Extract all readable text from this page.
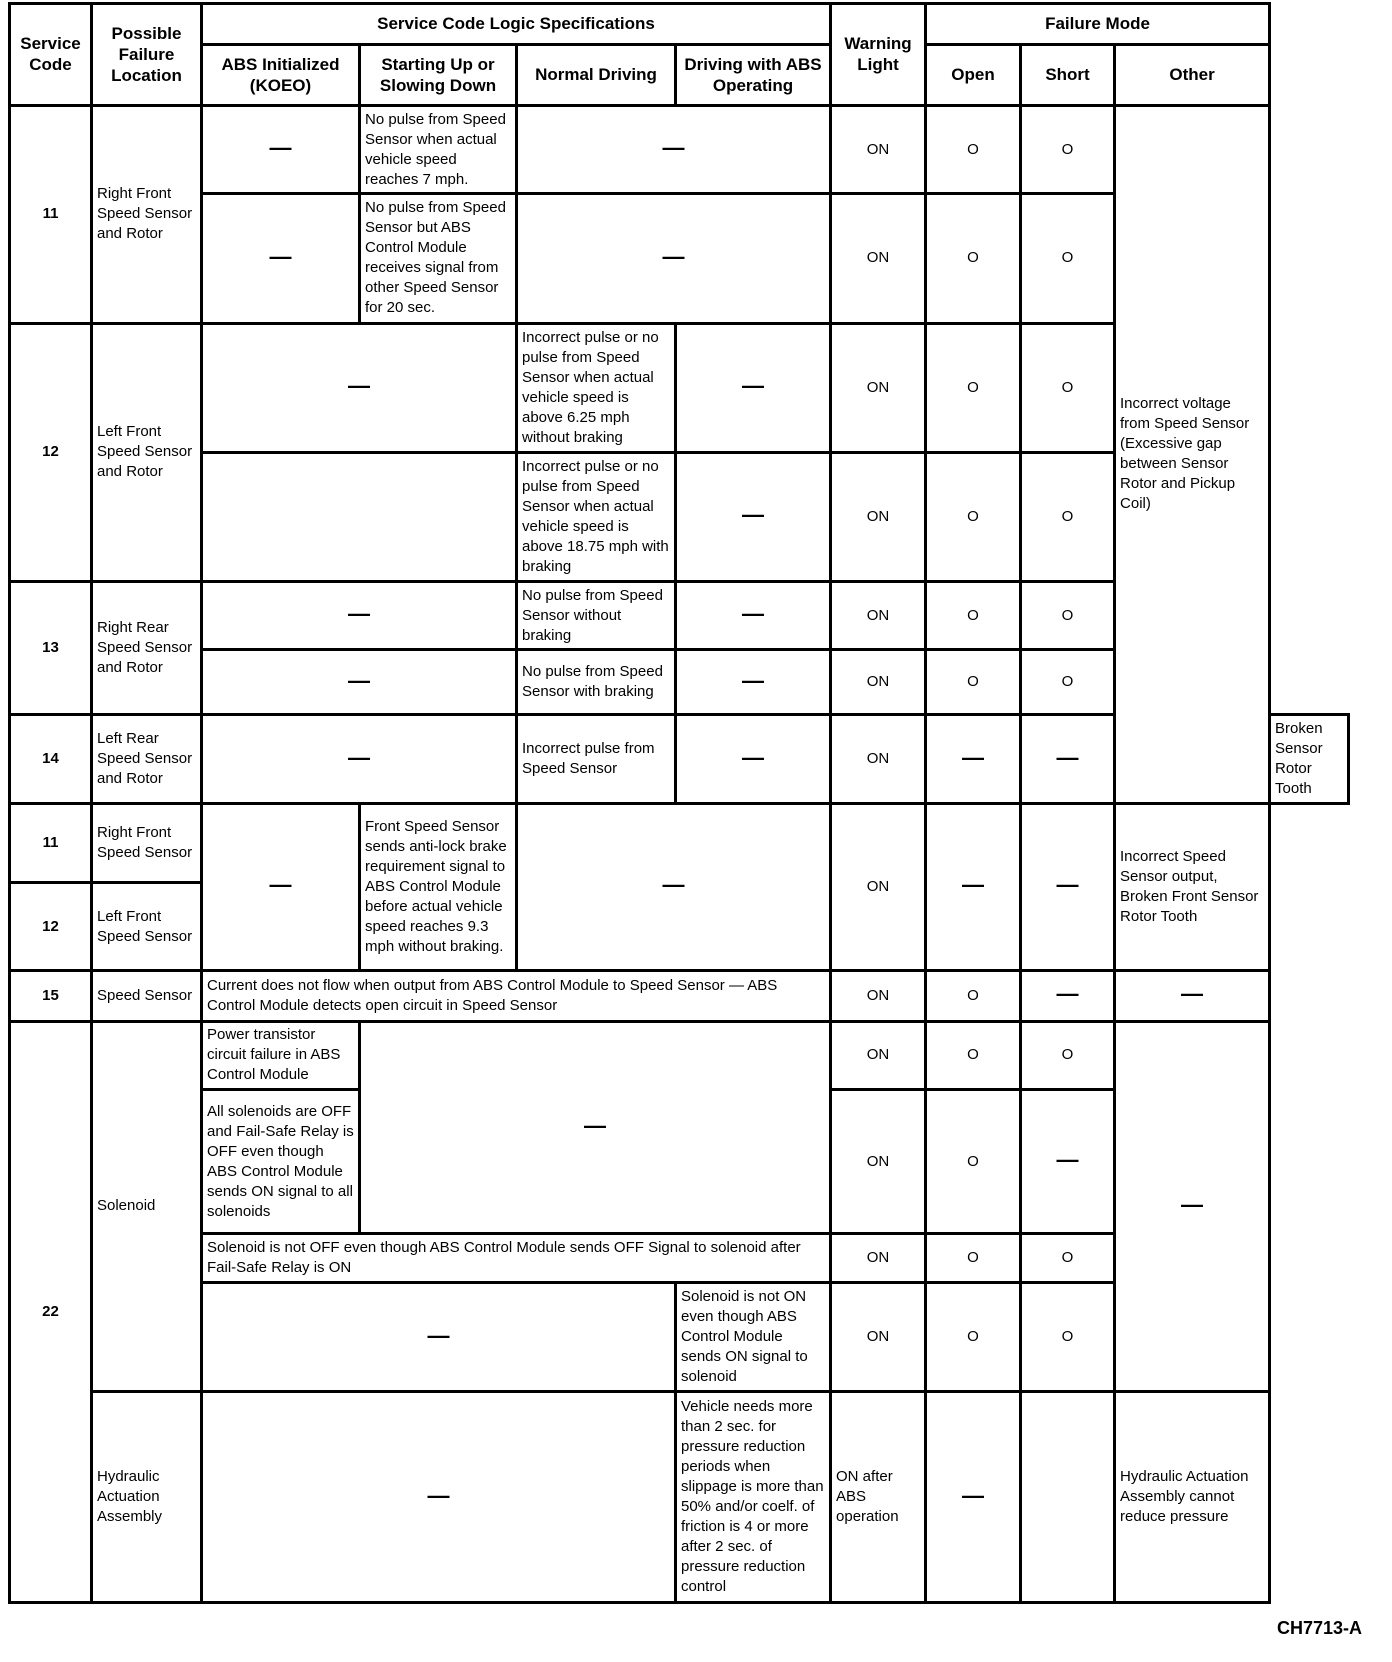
Service Code	Possible Failure Location	Service Code Logic Specifications				Warning Light	Failure Mode			
		ABS Initialized (KOEO)	Starting Up or Slowing Down	Normal Driving	Driving with ABS Operating		Open	Short	Other	
11	Right Front Speed Sensor and Rotor	—	No pulse from Speed Sensor when actual vehicle speed reaches 7 mph.	—		ON	O	O	Incorrect voltage from Speed Sensor (Excessive gap between Sensor Rotor and Pickup Coil)	
		—	No pulse from Speed Sensor but ABS Control Module receives signal from other Speed Sensor for 20 sec.	—		ON	O	O		
12	Left Front Speed Sensor and Rotor	—		Incorrect pulse or no pulse from Speed Sensor when actual vehicle speed is above 6.25 mph without braking	—	ON	O	O		
				Incorrect pulse or no pulse from Speed Sensor when actual vehicle speed is above 18.75 mph with braking	—	ON	O	O		
13	Right Rear Speed Sensor and Rotor	—		No pulse from Speed Sensor without braking	—	ON	O	O		
		—		No pulse from Speed Sensor with braking	—	ON	O	O		
14	Left Rear Speed Sensor and Rotor	—		Incorrect pulse from Speed Sensor	—	ON	—	—		Broken Sensor Rotor Tooth
11	Right Front Speed Sensor	—	Front Speed Sensor sends anti-lock brake requirement signal to ABS Control Module before actual vehicle speed reaches 9.3 mph without braking.	—		ON	—	—	Incorrect Speed Sensor output, Broken Front Sensor Rotor Tooth	
12	Left Front Speed Sensor									
15	Speed Sensor	Current does not flow when output from ABS Control Module to Speed Sensor — ABS Control Module detects open circuit in Speed Sensor				ON	O	—	—	
22	Solenoid	Power transistor circuit failure in ABS Control Module	—			ON	O	O	—	
		All solenoids are OFF and Fail-Safe Relay is OFF even though ABS Control Module sends ON signal to all solenoids				ON	O	—		
		Solenoid is not OFF even though ABS Control Module sends OFF Signal to solenoid after Fail-Safe Relay is ON				ON	O	O		
		—			Solenoid is not ON even though ABS Control Module sends ON signal to solenoid	ON	O	O		
	Hydraulic Actuation Assembly	—			Vehicle needs more than 2 sec. for pressure reduction periods when slippage is more than 50% and/or coelf. of friction is 4 or more after 2 sec. of pressure reduction control	ON after ABS operation	—		Hydraulic Actuation Assembly cannot reduce pressure	
CH7713-A
